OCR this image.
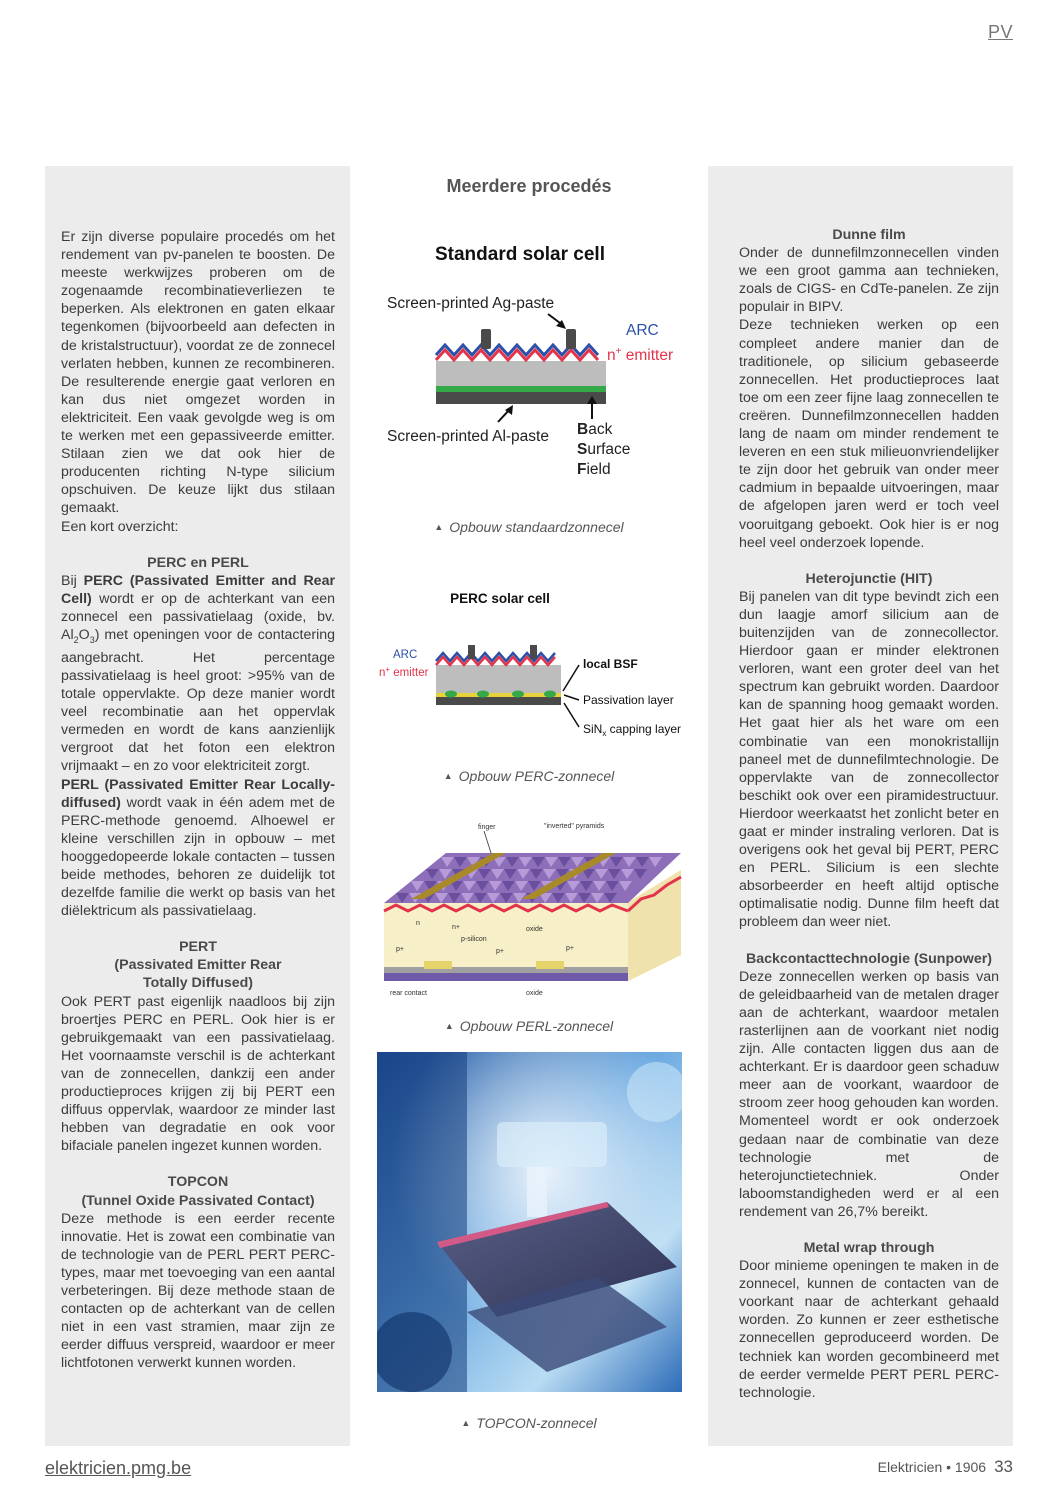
PV

Er zijn diverse populaire procedés om het rendement van pv-panelen te boosten. De meeste werkwijzes proberen om de zogenaamde recombinatieverliezen te beperken. Als elektronen en gaten elkaar tegenkomen (bijvoorbeeld aan defecten in de kristalstructuur), voordat ze de zonnecel verlaten hebben, kunnen ze recombineren. De resulterende energie gaat verloren en kan dus niet omgezet worden in elektriciteit. Een vaak gevolgde weg is om te werken met een gepassiveerde emitter. Stilaan zien we dat ook hier de producenten richting N-type silicium opschuiven. De keuze lijkt dus stilaan gemaakt.

Een kort overzicht:

PERC en PERL

Bij PERC (Passivated Emitter and Rear Cell) wordt er op de achterkant van een zonnecel een passivatielaag (oxide, bv. $Al_2O_3$) met openingen voor de contactering aangebracht. Het percentage passivatielaag is heel groot: >95% van de totale oppervlakte. Op deze manier wordt veel recombinatie aan het oppervlak vermeden en wordt de kans aanzienlijk vergroot dat het foton een elektron vrijmaakt – en zo voor elektriciteit zorgt.

PERL (Passivated Emitter Rear Locally-diffused) wordt vaak in één adem met de PERC-methode genoemd. Alhoewel er kleine verschillen zijn in opbouw – met hooggedopeerde lokale contacten – tussen beide methodes, behoren ze duidelijk tot dezelfde familie die werkt op basis van het diëlektricum als passivatielaag.

PERT
(Passivated Emitter Rear
Totally Diffused)

Ook PERT past eigenlijk naadloos bij zijn broertjes PERC en PERL. Ook hier is er gebruikgemaakt van een passivatielaag. Het voornaamste verschil is de achterkant van de zonnecellen, dankzij een ander productieproces krijgen zij bij PERT een diffuus oppervlak, waardoor ze minder last hebben van degradatie en ook voor bifaciale panelen ingezet kunnen worden.

TOPCON
(Tunnel Oxide Passivated Contact)

Deze methode is een eerder recente innovatie. Het is zowat een combinatie van de technologie van de PERL PERT PERC-types, maar met toevoeging van een aantal verbeteringen. Bij deze methode staan de contacten op de achterkant van de cellen niet in een vast stramien, maar zijn ze eerder diffuus verspreid, waardoor er meer lichtfotonen verwerkt kunnen worden.

Meerdere procedés
Standard solar cell
Screen-printed Ag-paste
ARC
n+ emitter
Screen-printed Al-paste Back
Surface
Field
▲ Opbouw standaardzonnecel
PERC solar cell
ARC
n+ emitter
local BSF
Passivation layer
SiN$_x$ capping layer
▲ Opbouw PERC-zonnecel
finger	"inverted" pyramids
n
n+
p+	p+	p+
p-silicon
oxide
rear contact	oxide
▲ Opbouw PERL-zonnecel
▲ TOPCON-zonnecel
Dunne film

Onder de dunnefilmzonnecellen vinden we een groot gamma aan technieken, zoals de CIGS- en CdTe-panelen. Ze zijn populair in BIPV.

Deze technieken werken op een compleet andere manier dan de traditionele, op silicium gebaseerde zonnecellen. Het productieproces laat toe om een zeer fijne laag zonnecellen te creëren. Dunnefilmzonnecellen hadden lang de naam om minder rendement te leveren en een stuk milieuonvriendelijker te zijn door het gebruik van onder meer cadmium in bepaalde uitvoeringen, maar de afgelopen jaren werd er toch veel vooruitgang geboekt. Ook hier is er nog heel veel onderzoek lopende.

Heterojunctie (HIT)

Bij panelen van dit type bevindt zich een dun laagje amorf silicium aan de buitenzijden van de zonnecollector. Hierdoor gaan er minder elektronen verloren, want een groter deel van het spectrum kan gebruikt worden. Daardoor kan de spanning hoog gemaakt worden. Het gaat hier als het ware om een combinatie van een monokristallijn paneel met de dunnefilmtechnologie. De oppervlakte van de zonnecollector beschikt ook over een piramidestructuur. Hierdoor weerkaatst het zonlicht beter en gaat er minder instraling verloren. Dat is overigens ook het geval bij PERT, PERC en PERL. Silicium is een slechte absorbeerder en heeft altijd optische optimalisatie nodig. Dunne film heeft dat probleem dan weer niet.

Backcontacttechnologie (Sunpower)

Deze zonnecellen werken op basis van de geleidbaarheid van de metalen drager aan de achterkant, waardoor metalen rasterlijnen aan de voorkant niet nodig zijn. Alle contacten liggen dus aan de achterkant. Er is daardoor geen schaduw meer aan de voorkant, waardoor de stroom zeer hoog gehouden kan worden. Momenteel wordt er ook onderzoek gedaan naar de combinatie van deze technologie met de heterojunctietechniek. Onder laboomstandigheden werd er al een rendement van 26,7% bereikt.

Metal wrap through

Door minieme openingen te maken in de zonnecel, kunnen de contacten van de voorkant naar de achterkant gehaald worden. Zo kunnen er zeer esthetische zonnecellen geproduceerd worden. De techniek kan worden gecombineerd met de eerder vermelde PERT PERL PERC-technologie.

elektricien.pmg.be	Elektricien • 1906 33
